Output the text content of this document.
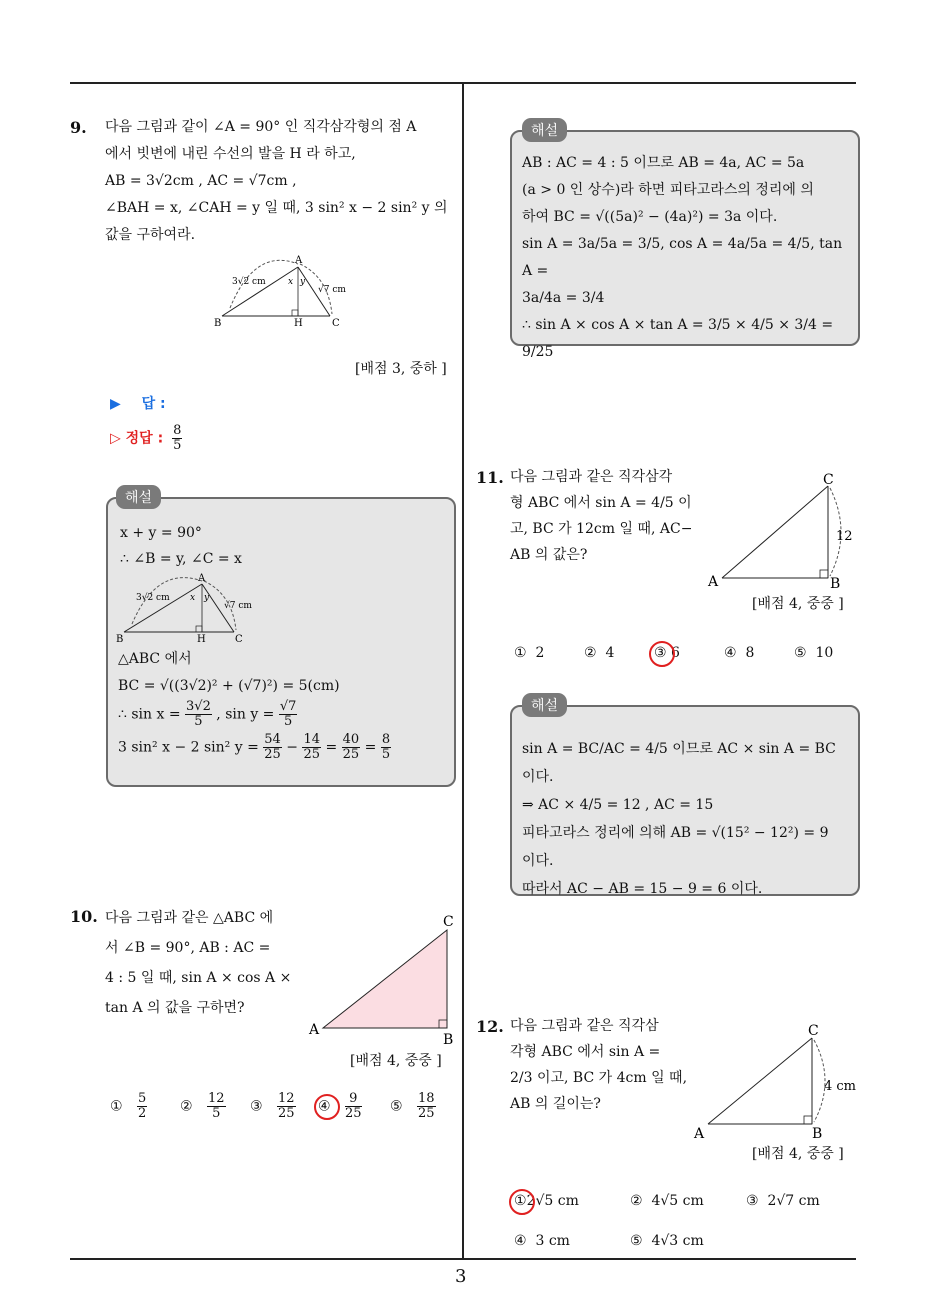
3
9. 다음 그림과 같이 ∠A = 90° 인 직각삼각형의 점 A
에서 빗변에 내린 수선의 발을 H 라 하고,
AB = 3√2cm , AC = √7cm ,
∠BAH = x, ∠CAH = y 일 때, 3 sin² x − 2 sin² y 의
값을 구하여라.
A
B	H	C
3√2 cm
√7 cm
x y
[배점 3, 중하 ]
▶ 답 :
▷ 정답 : $\frac{8}{5}$
해설
x + y = 90°
∴ ∠B = y, ∠C = x
A
B	H	C
3√2 cm
√7 cm
x y
△ABC 에서
BC = √((3√2)² + (√7)²) = 5(cm)
∴ $\sin x = \frac{3√2}{5}$ , $\sin y = \frac{√7}{5}$
3 sin² x − 2 sin² $y = \frac{54}{25} - \frac{14}{25} = \frac{40}{25} = \frac{8}{5}$
10. 다음 그림과 같은 △ABC 에
서 ∠B = 90°, AB : AC =
4 : 5 일 때, sin A × cos A ×
tan A 의 값을 구하면?
A
B
C
[배점 4, 중중 ]
① $\frac{5}{2}$ ② $\frac{12}{5}$ ③ $\frac{12}{25}$ ④ $\frac{9}{25}$ ⑤ $\frac{18}{25}$
해설
AB : AC = 4 : 5 이므로 AB = 4a, AC = 5a
(a > 0 인 상수)라 하면 피타고라스의 정리에 의
하여 BC = √((5a)² − (4a)²) = 3a 이다.
sin A = 3a/5a = 3/5, cos A = 4a/5a = 4/5, tan A =
3a/4a = 3/4
∴ sin A × cos A × tan A = 3/5 × 4/5 × 3/4 = 9/25
11. 다음 그림과 같은 직각삼각
형 ABC 에서 sin A = 4/5 이
고, BC 가 12cm 일 때, AC−
AB 의 값은?
A	B
C
12
[배점 4, 중중 ]
① 2	② 4	③ 6	④ 8	⑤ 10
해설
sin A = BC/AC = 4/5 이므로 AC × sin A = BC 이다.
⇒ AC × 4/5 = 12 , AC = 15
피타고라스 정리에 의해 AB = √(15² − 12²) = 9
이다.
따라서 AC − AB = 15 − 9 = 6 이다.
12. 다음 그림과 같은 직각삼
각형 ABC 에서 sin A =
2/3 이고, BC 가 4cm 일 때,
AB 의 길이는?
A	B
C
4 cm
[배점 4, 중중 ]
①2√5 cm	② 4√5 cm	③ 2√7 cm
④ 3 cm	⑤ 4√3 cm
